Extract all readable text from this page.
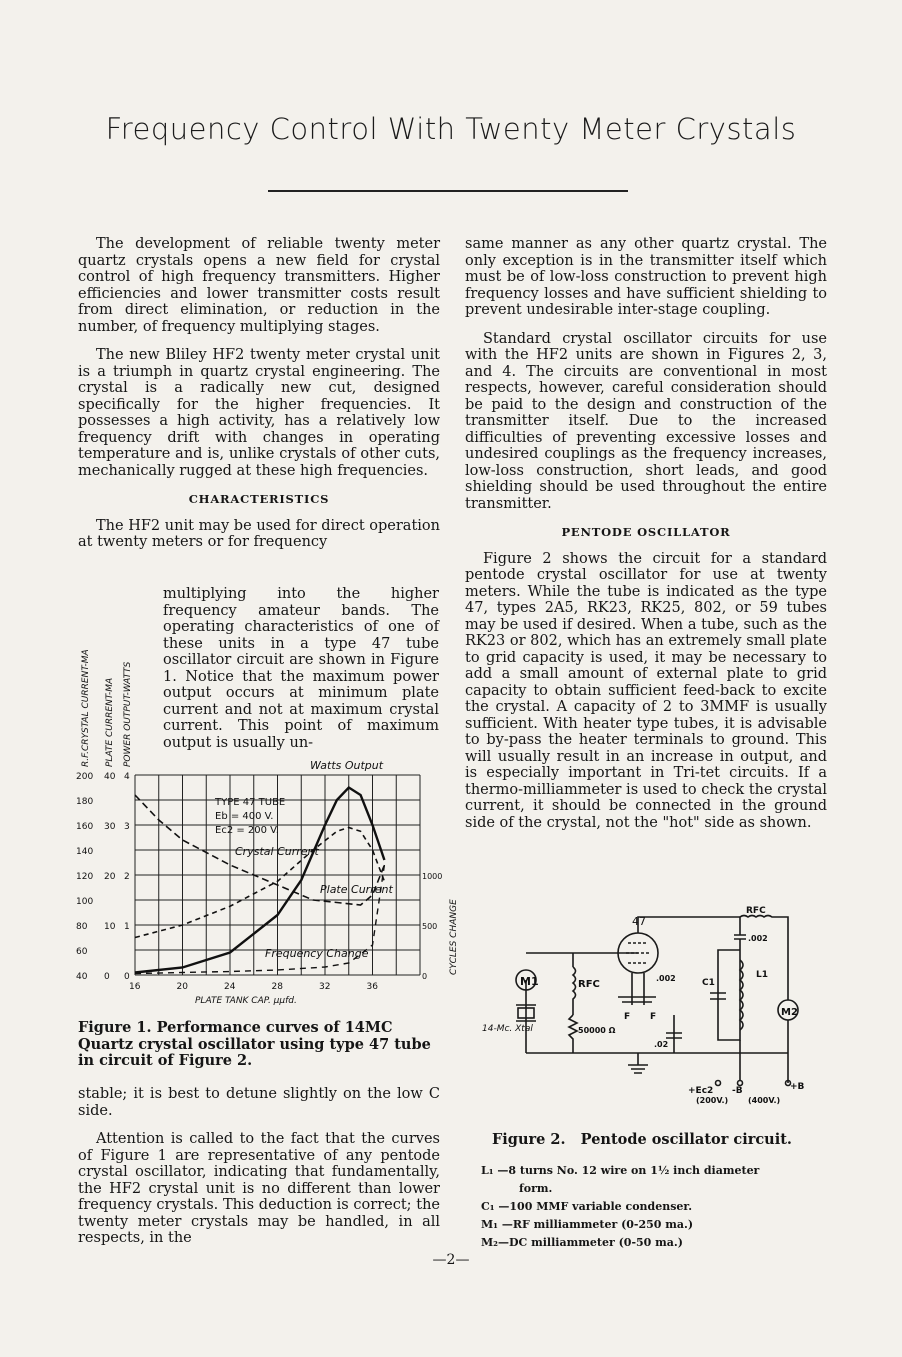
Frequency Control With Twenty Meter Crystals

The development of reliable twenty meter quartz crystals opens a new field for crystal control of high frequency transmitters. Higher efficiencies and lower transmitter costs result from direct elimination, or reduction in the number, of frequency multiplying stages.

The new Bliley HF2 twenty meter crystal unit is a triumph in quartz crystal engineering. The crystal is a radically new cut, designed specifically for the higher frequencies. It possesses a high activity, has a relatively low frequency drift with changes in operating temperature and is, unlike crystals of other cuts, mechanically rugged at these high frequencies.

CHARACTERISTICS

The HF2 unit may be used for direct operation at twenty meters or for frequency

multiplying into the higher frequency amateur bands. The operating characteristics of one of these units in a type 47 tube oscillator circuit are shown in Figure 1. Notice that the maximum power output occurs at minimum plate current and not at maximum crystal current. This point of maximum output is usually un-
R.F.CRYSTAL CURRENT-MA PLATE CURRENT-MA POWER OUTPUT-WATTS
200
180
160
140
120
100
80
60
40
40
30
20
10
0
4
3
2
1
0
1000
500
0
CYCLES CHANGE
16	20	24	28	32	36
PLATE TANK CAP. μμfd.
TYPE 47 TUBE
Eb = 400 V.
Ec2 = 200 V.
Watts Output
Crystal Current
Plate Current
Frequency Change
Figure 1. Performance curves of 14MC Quartz crystal oscillator using type 47 tube in circuit of Figure 2.

stable; it is best to detune slightly on the low C side.

Attention is called to the fact that the curves of Figure 1 are representative of any pentode crystal oscillator, indicating that fundamentally, the HF2 crystal unit is no different than lower frequency crystals. This deduction is correct; the twenty meter crystals may be handled, in all respects, in the

same manner as any other quartz crystal. The only exception is in the transmitter itself which must be of low-loss construction to prevent high frequency losses and have sufficient shielding to prevent undesirable inter-stage coupling.

Standard crystal oscillator circuits for use with the HF2 units are shown in Figures 2, 3, and 4. The circuits are conventional in most respects, however, careful consideration should be paid to the design and construction of the transmitter itself. Due to the increased difficulties of preventing excessive losses and undesired couplings as the frequency increases, low-loss construction, short leads, and good shielding should be used throughout the entire transmitter.

PENTODE OSCILLATOR

Figure 2 shows the circuit for a standard pentode crystal oscillator for use at twenty meters. While the tube is indicated as the type 47, types 2A5, RK23, RK25, 802, or 59 tubes may be used if desired. When a tube, such as the RK23 or 802, which has an extremely small plate to grid capacity is used, it may be necessary to add a small amount of external plate to grid capacity to obtain sufficient feed-back to excite the crystal. A capacity of 2 to 3MMF is usually sufficient. With heater type tubes, it is advisable to by-pass the heater terminals to ground. This will usually result in an increase in output, and is especially important in Tri-tet circuits. If a thermo-milliammeter is used to check the crystal current, it should be connected in the ground side of the crystal, not the "hot" side as shown.

M1
14-Mc. Xtal
RFC
50000 Ω
47
F F
.002
.02
.002
C1
L1
RFC
M2
+Ec2 -B	+B
(200V.) (400V.)
Figure 2.   Pentode oscillator circuit.
L₁ —8 turns No. 12 wire on 1½ inch diameter
form.
C₁ —100 MMF variable condenser.
M₁ —RF milliammeter (0-250 ma.)
M₂—DC milliammeter (0-50 ma.)
—2—
